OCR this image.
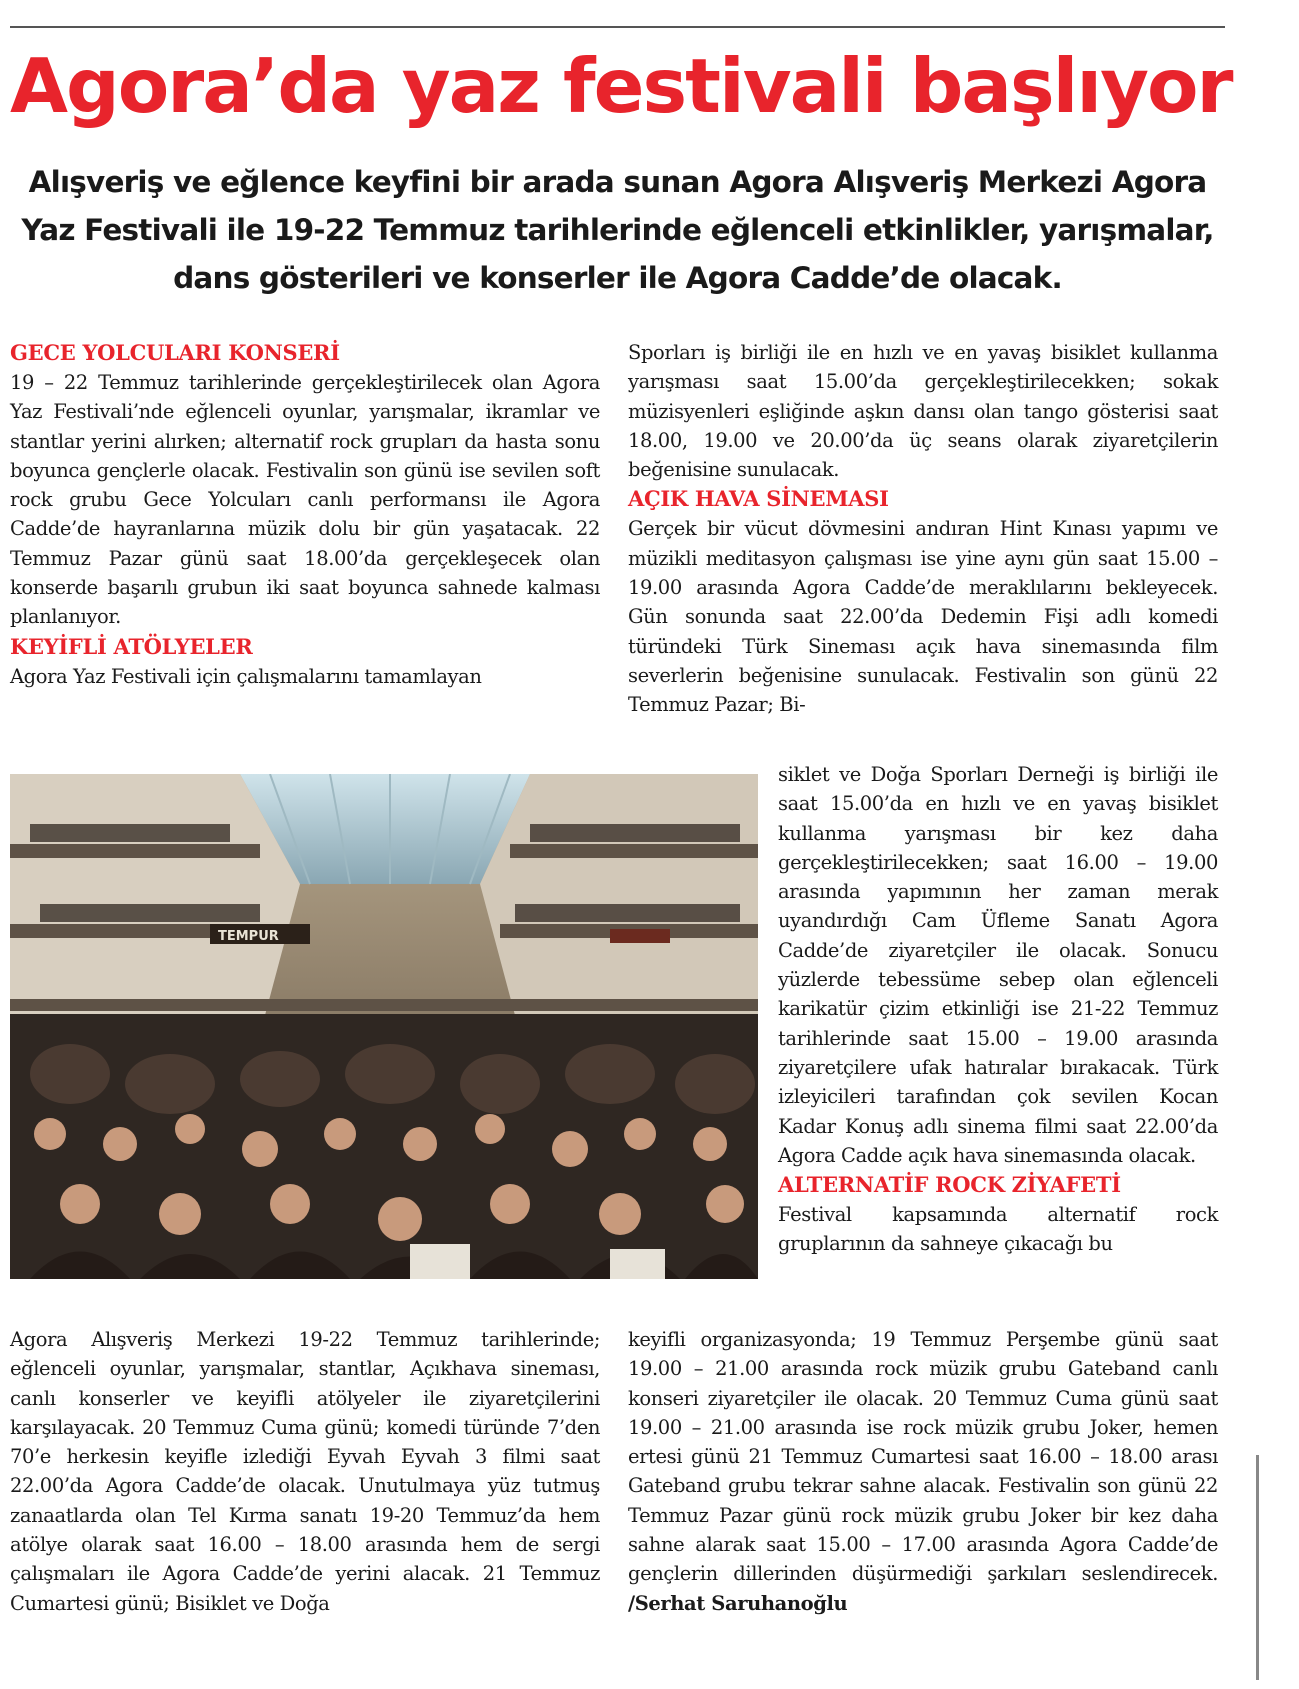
Agora’da yaz festivali başlıyor

Alışveriş ve eğlence keyfini bir arada sunan Agora Alışveriş Merkezi Agora Yaz Festivali ile 19-22 Temmuz tarihlerinde eğlenceli etkinlikler, yarışmalar, dans gösterileri ve konserler ile Agora Cadde’de olacak.

GECE YOLCULARI KONSERİ

19 – 22 Temmuz tarihlerinde gerçekleştirilecek olan Agora Yaz Festivali’nde eğlenceli oyunlar, yarışmalar, ikramlar ve stantlar yerini alırken; alternatif rock grupları da hasta sonu boyunca gençlerle olacak. Festivalin son günü ise sevilen soft rock grubu Gece Yolcuları canlı performansı ile Agora Cadde’de hayranlarına müzik dolu bir gün yaşatacak. 22 Temmuz Pazar günü saat 18.00’da gerçekleşecek olan konserde başarılı grubun iki saat boyunca sahnede kalması planlanıyor.

KEYİFLİ ATÖLYELER

Agora Yaz Festivali için çalışmalarını tamamlayan

TEMPUR

Agora Alışveriş Merkezi 19-22 Temmuz tarihlerinde; eğlenceli oyunlar, yarışmalar, stantlar, Açıkhava sineması, canlı konserler ve keyifli atölyeler ile ziyaretçilerini karşılayacak. 20 Temmuz Cuma günü; komedi türünde 7’den 70’e herkesin keyifle izlediği Eyvah Eyvah 3 filmi saat 22.00’da Agora Cadde’de olacak. Unutulmaya yüz tutmuş zanaatlarda olan Tel Kırma sanatı 19-20 Temmuz’da hem atölye olarak saat 16.00 – 18.00 arasında hem de sergi çalışmaları ile Agora Cadde’de yerini alacak. 21 Temmuz Cumartesi günü; Bisiklet ve Doğa

Sporları iş birliği ile en hızlı ve en yavaş bisiklet kullanma yarışması saat 15.00’da gerçekleştirilecekken; sokak müzisyenleri eşliğinde aşkın dansı olan tango gösterisi saat 18.00, 19.00 ve 20.00’da üç seans olarak ziyaretçilerin beğenisine sunulacak.

AÇIK HAVA SİNEMASI

Gerçek bir vücut dövmesini andıran Hint Kınası yapımı ve müzikli meditasyon çalışması ise yine aynı gün saat 15.00 – 19.00 arasında Agora Cadde’de meraklılarını bekleyecek. Gün sonunda saat 22.00’da Dedemin Fişi adlı komedi türündeki Türk Sineması açık hava sinemasında film severlerin beğenisine sunulacak. Festivalin son günü 22 Temmuz Pazar; Bi-

siklet ve Doğa Sporları Derneği iş birliği ile saat 15.00’da en hızlı ve en yavaş bisiklet kullanma yarışması bir kez daha gerçekleştirilecekken; saat 16.00 – 19.00 arasında yapımının her zaman merak uyandırdığı Cam Üfleme Sanatı Agora Cadde’de ziyaretçiler ile olacak. Sonucu yüzlerde tebessüme sebep olan eğlenceli karikatür çizim etkinliği ise 21-22 Temmuz tarihlerinde saat 15.00 – 19.00 arasında ziyaretçilere ufak hatıralar bırakacak. Türk izleyicileri tarafından çok sevilen Kocan Kadar Konuş adlı sinema filmi saat 22.00’da Agora Cadde açık hava sinemasında olacak.

ALTERNATİF ROCK ZİYAFETİ

Festival kapsamında alternatif rock gruplarının da sahneye çıkacağı bu

keyifli organizasyonda; 19 Temmuz Perşembe günü saat 19.00 – 21.00 arasında rock müzik grubu Gateband canlı konseri ziyaretçiler ile olacak. 20 Temmuz Cuma günü saat 19.00 – 21.00 arasında ise rock müzik grubu Joker, hemen ertesi günü 21 Temmuz Cumartesi saat 16.00 – 18.00 arası Gateband grubu tekrar sahne alacak. Festivalin son günü 22 Temmuz Pazar günü rock müzik grubu Joker bir kez daha sahne alarak saat 15.00 – 17.00 arasında Agora Cadde’de gençlerin dillerinden düşürmediği şarkıları seslendirecek. /Serhat Saruhanoğlu
